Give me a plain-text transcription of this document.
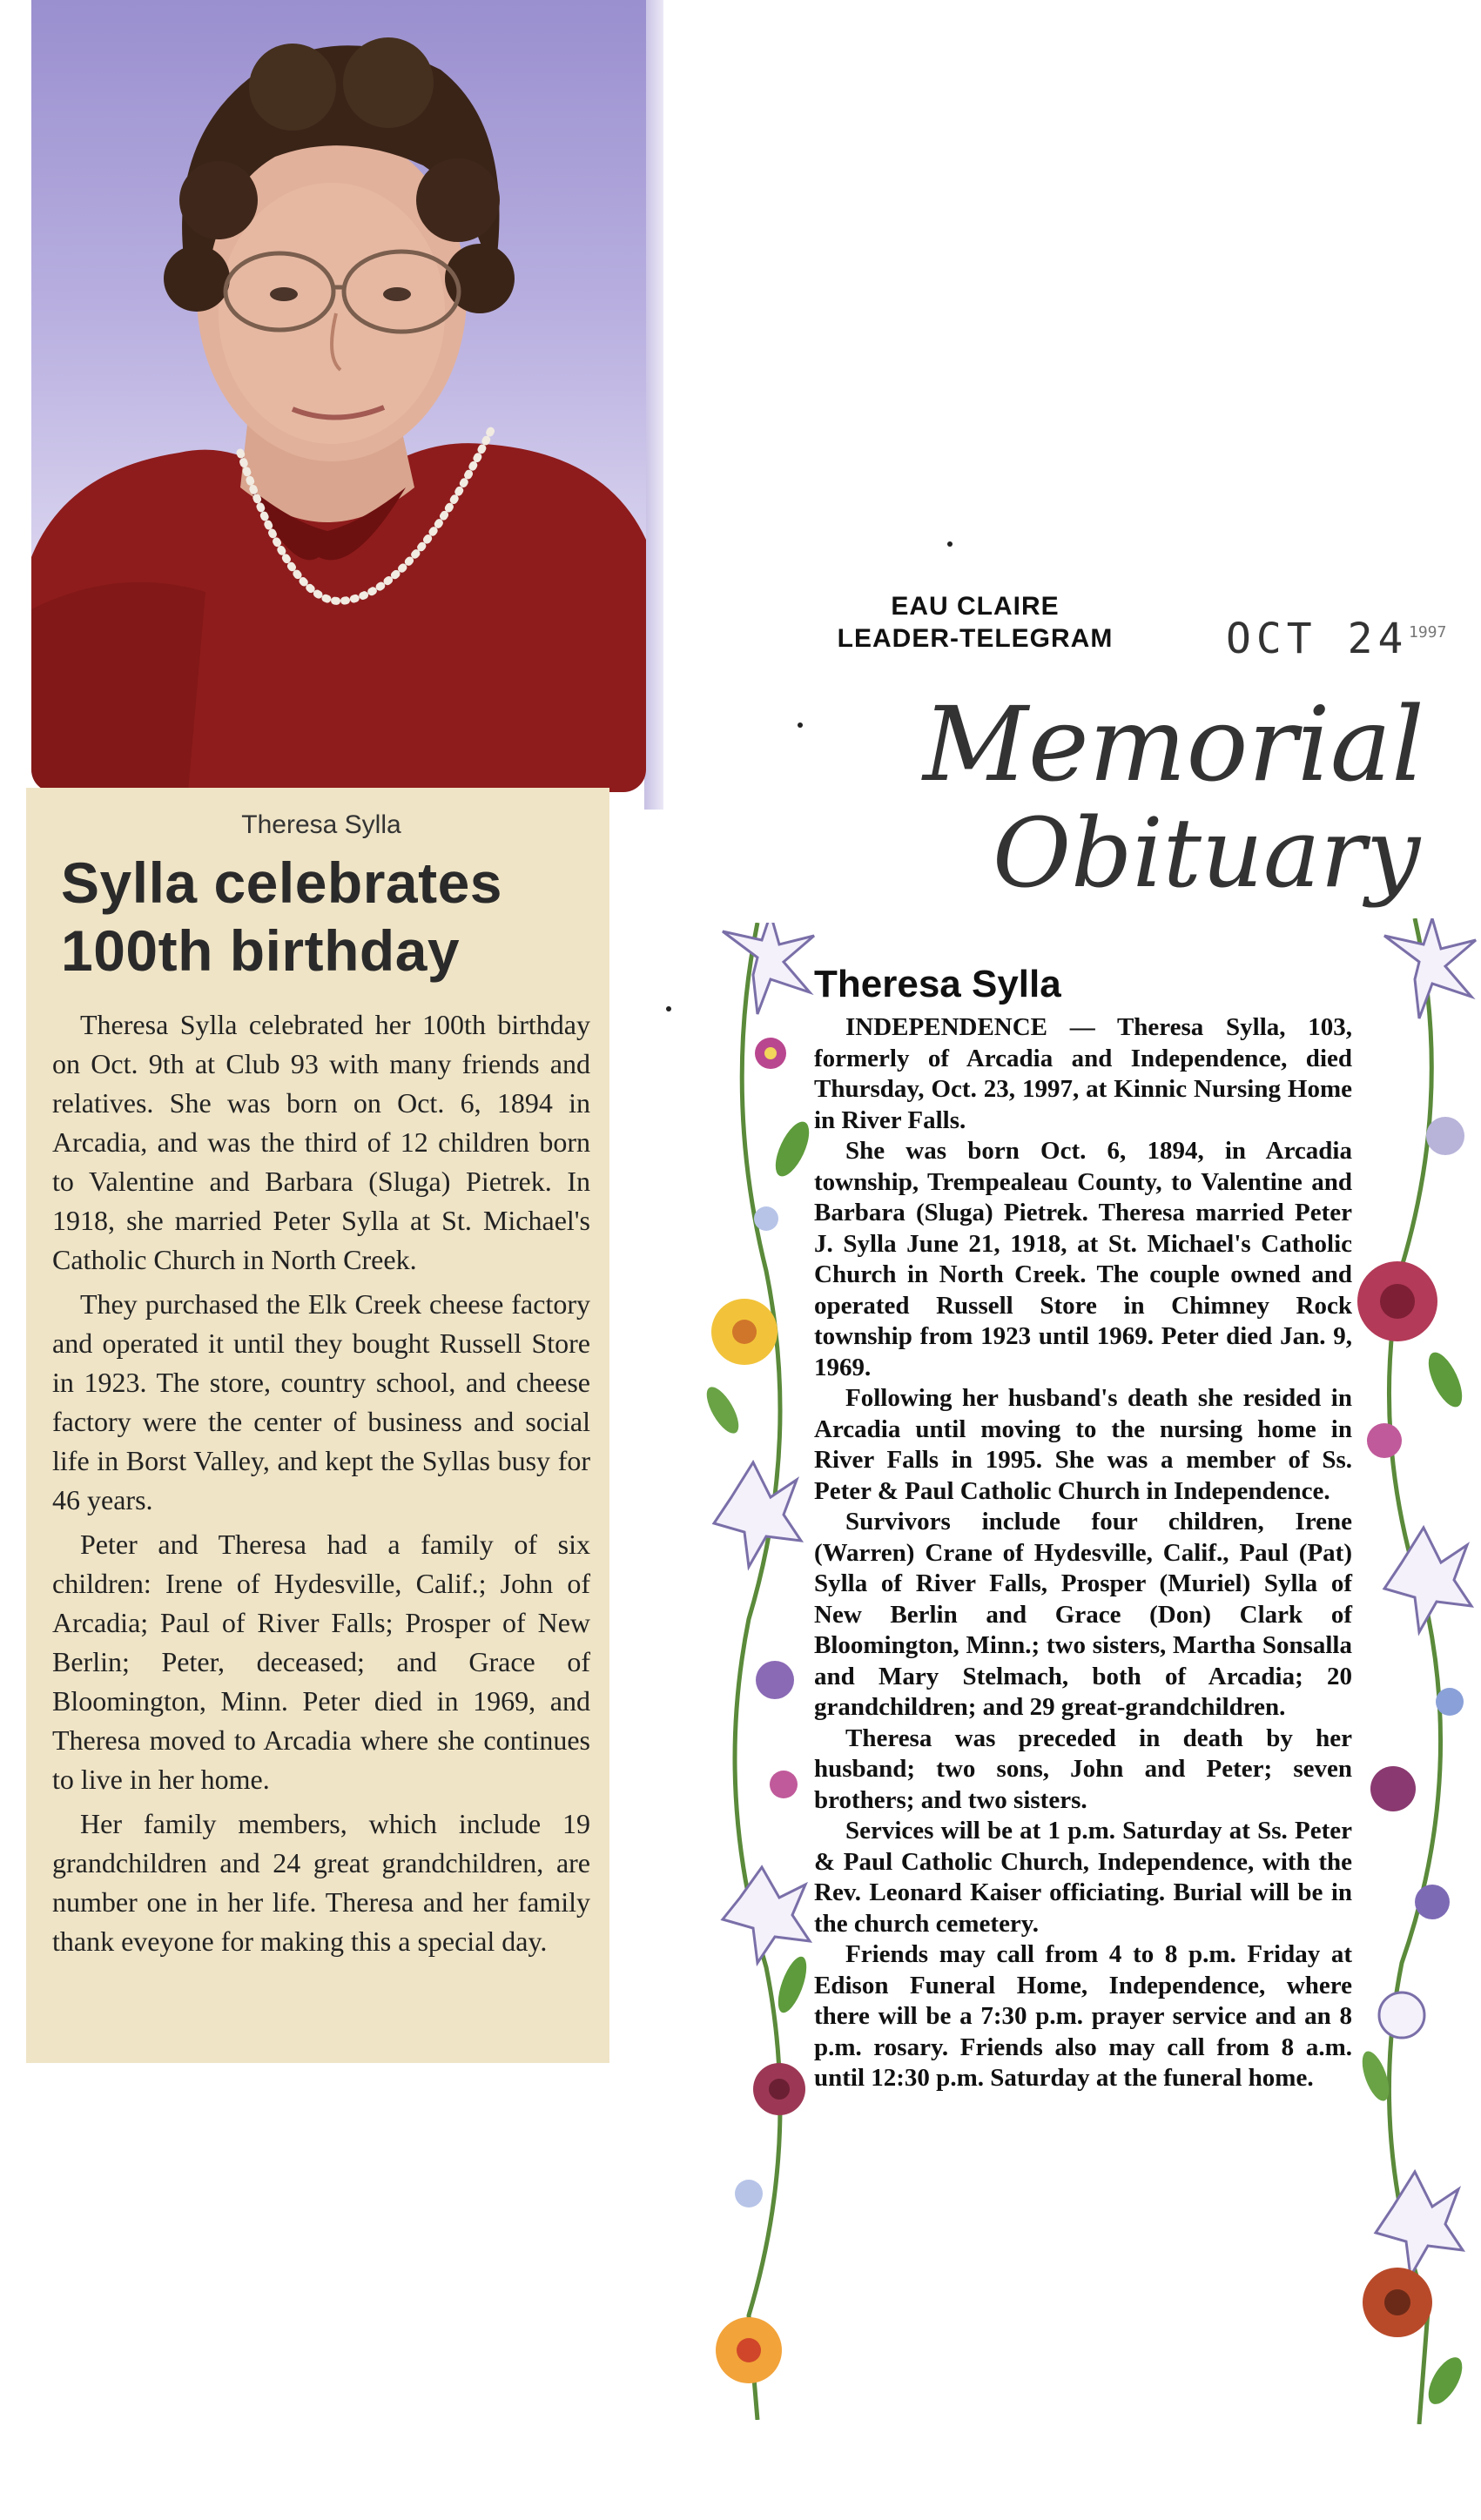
Theresa Sylla
Sylla celebrates
100th birthday

Theresa Sylla celebrated her 100th birthday on Oct. 9th at Club 93 with many friends and relatives. She was born on Oct. 6, 1894 in Arcadia, and was the third of 12 children born to Valentine and Barbara (Sluga) Pietrek. In 1918, she married Peter Sylla at St. Michael's Catholic Church in North Creek.

They purchased the Elk Creek cheese factory and operated it until they bought Russell Store in 1923. The store, country school, and cheese factory were the center of business and social life in Borst Valley, and kept the Syllas busy for 46 years.

Peter and Theresa had a family of six children: Irene of Hydesville, Calif.; John of Arcadia; Paul of River Falls; Prosper of New Berlin; Peter, deceased; and Grace of Bloomington, Minn. Peter died in 1969, and Theresa moved to Arcadia where she continues to live in her home.

Her family members, which include 19 grandchildren and 24 great grandchildren, are number one in her life. Theresa and her family thank eveyone for making this a special day.

EAU CLAIRE
LEADER-TELEGRAM	OCT 24 1997
Memorial
Obituary
Theresa Sylla

INDEPENDENCE — Theresa Sylla, 103, formerly of Arcadia and Independence, died Thursday, Oct. 23, 1997, at Kinnic Nursing Home in River Falls.

She was born Oct. 6, 1894, in Arcadia township, Trempealeau County, to Valentine and Barbara (Sluga) Pietrek. Theresa married Peter J. Sylla June 21, 1918, at St. Michael's Catholic Church in North Creek. The couple owned and operated Russell Store in Chimney Rock township from 1923 until 1969. Peter died Jan. 9, 1969.

Following her husband's death she resided in Arcadia until moving to the nursing home in River Falls in 1995. She was a member of Ss. Peter & Paul Catholic Church in Independence.

Survivors include four children, Irene (Warren) Crane of Hydesville, Calif., Paul (Pat) Sylla of River Falls, Prosper (Muriel) Sylla of New Berlin and Grace (Don) Clark of Bloomington, Minn.; two sisters, Martha Sonsalla and Mary Stelmach, both of Arcadia; 20 grandchildren; and 29 great-grandchildren.

Theresa was preceded in death by her husband; two sons, John and Peter; seven brothers; and two sisters.

Services will be at 1 p.m. Saturday at Ss. Peter & Paul Catholic Church, Independence, with the Rev. Leonard Kaiser officiating. Burial will be in the church cemetery.

Friends may call from 4 to 8 p.m. Friday at Edison Funeral Home, Independence, where there will be a 7:30 p.m. prayer service and an 8 p.m. rosary. Friends also may call from 8 a.m. until 12:30 p.m. Saturday at the funeral home.
